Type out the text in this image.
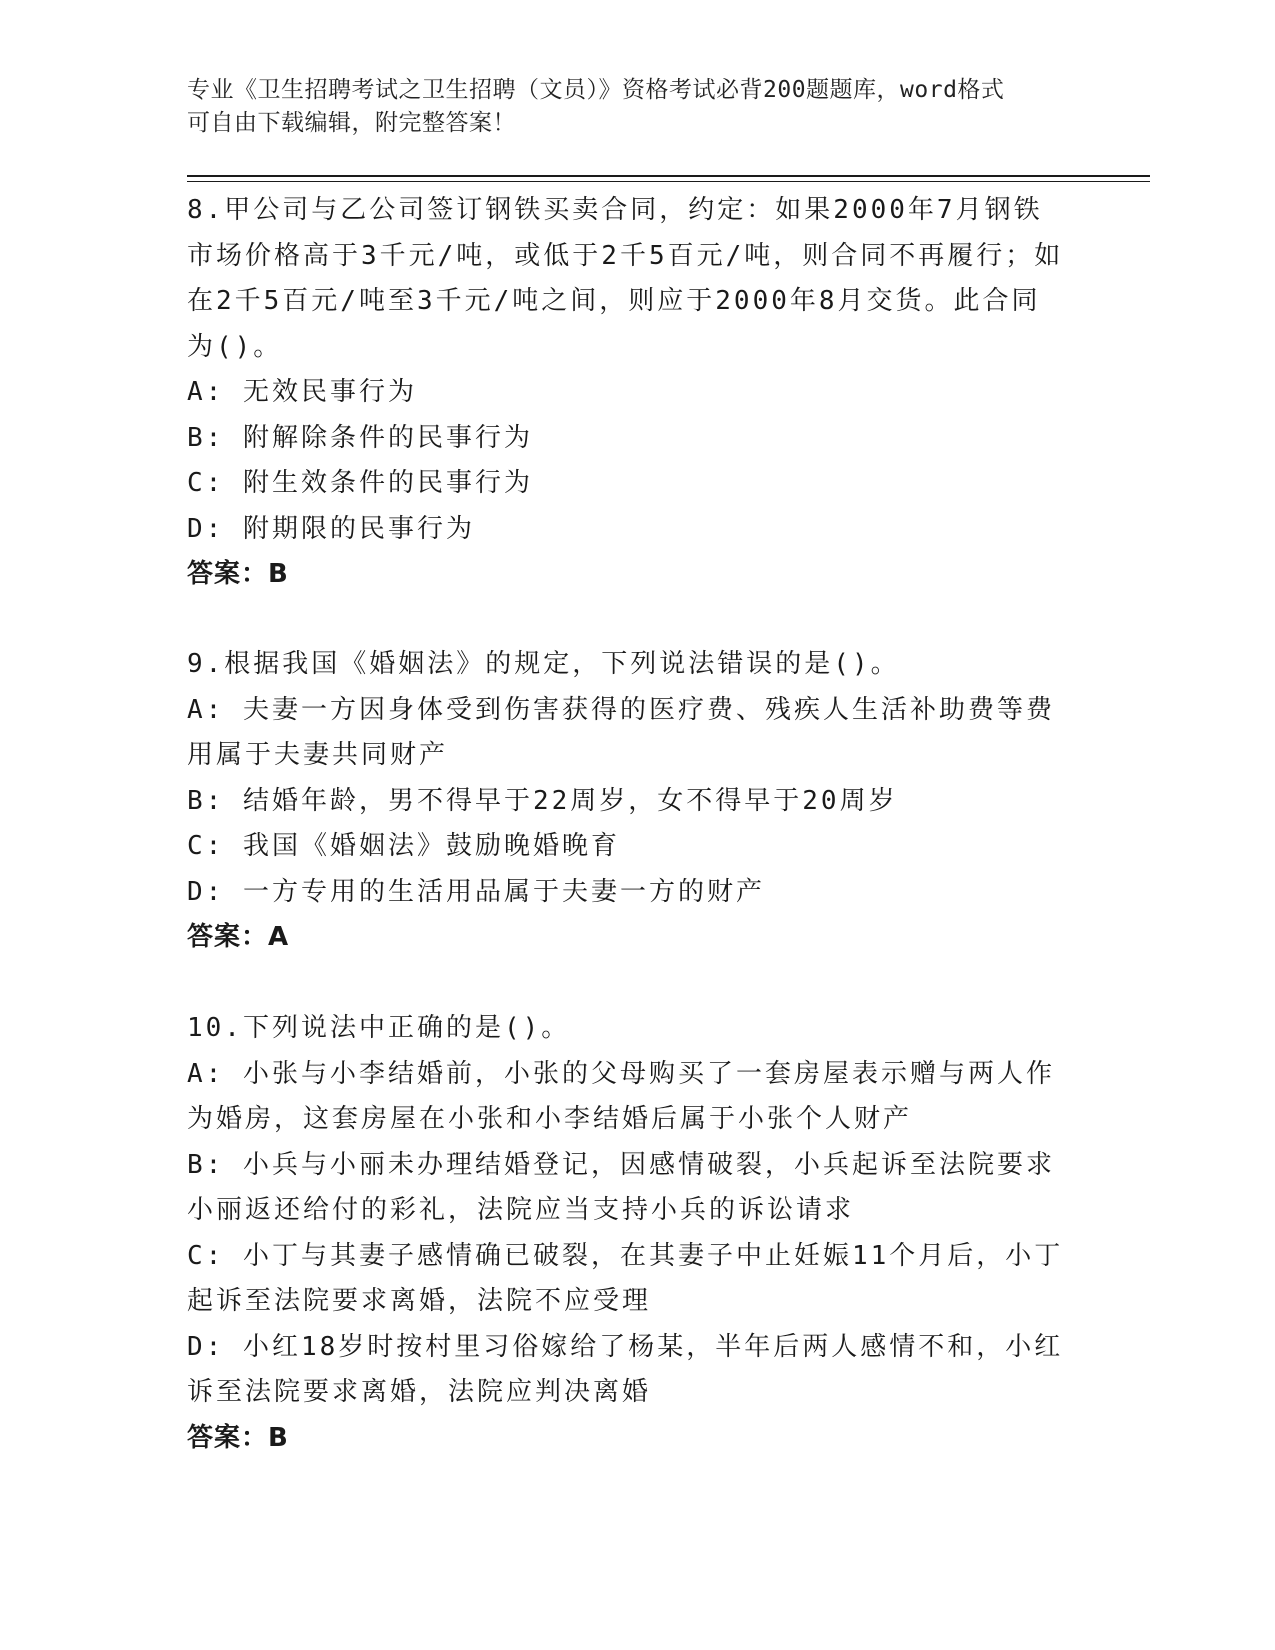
专业《卫生招聘考试之卫生招聘（文员）》资格考试必背200题题库，word格式
可自由下载编辑，附完整答案！
8.甲公司与乙公司签订钢铁买卖合同，约定：如果2000年7月钢铁市场价格高于3千元/吨，或低于2千5百元/吨，则合同不再履行；如在2千5百元/吨至3千元/吨之间，则应于2000年8月交货。此合同为()。
A: 无效民事行为
B: 附解除条件的民事行为
C: 附生效条件的民事行为
D: 附期限的民事行为
答案：B
9.根据我国《婚姻法》的规定，下列说法错误的是()。
A: 夫妻一方因身体受到伤害获得的医疗费、残疾人生活补助费等费用属于夫妻共同财产
B: 结婚年龄，男不得早于22周岁，女不得早于20周岁
C: 我国《婚姻法》鼓励晚婚晚育
D: 一方专用的生活用品属于夫妻一方的财产
答案：A
10.下列说法中正确的是()。
A: 小张与小李结婚前，小张的父母购买了一套房屋表示赠与两人作为婚房，这套房屋在小张和小李结婚后属于小张个人财产
B: 小兵与小丽未办理结婚登记，因感情破裂，小兵起诉至法院要求小丽返还给付的彩礼，法院应当支持小兵的诉讼请求
C: 小丁与其妻子感情确已破裂，在其妻子中止妊娠11个月后，小丁起诉至法院要求离婚，法院不应受理
D: 小红18岁时按村里习俗嫁给了杨某，半年后两人感情不和，小红诉至法院要求离婚，法院应判决离婚
答案：B
